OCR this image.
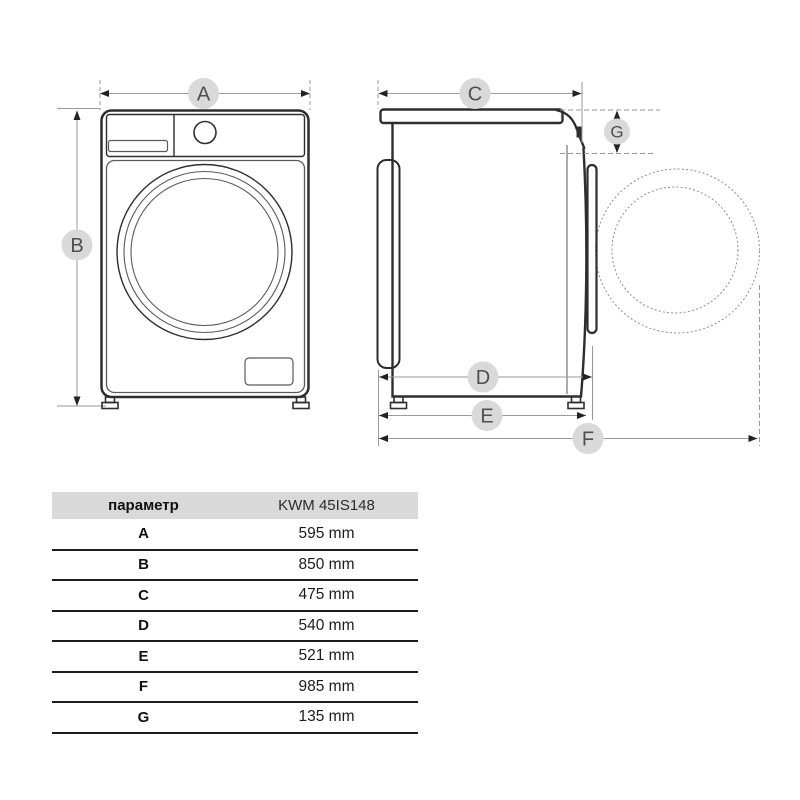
A
B
C
G
D
E
F
параметр	KWM 45IS148
A	595 mm
B	850 mm
C	475 mm
D	540 mm
E	521 mm
F	985 mm
G	135 mm
